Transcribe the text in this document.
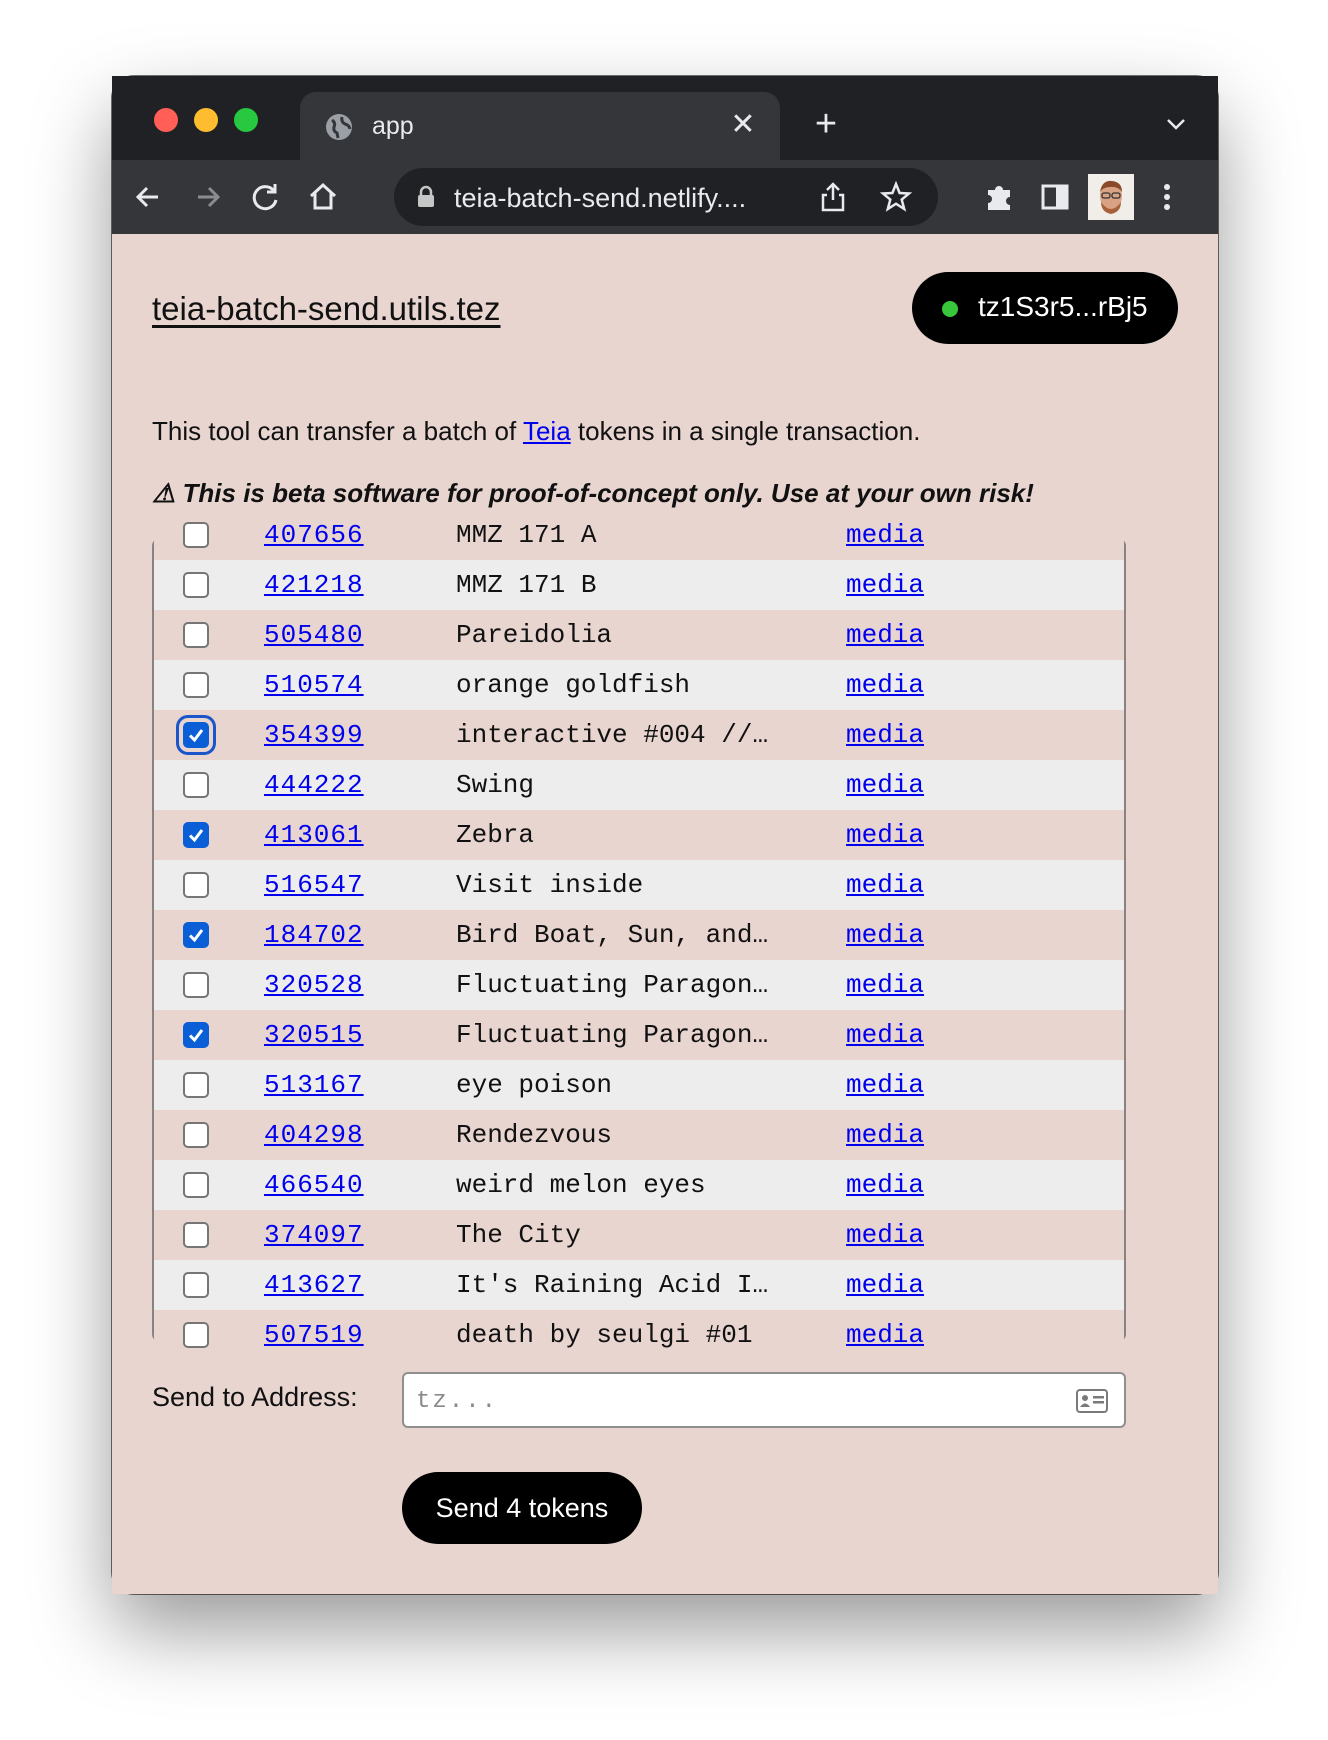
app	✕ +
teia-batch-send.netlify....
teia-batch-send.utils.tez	tz1S3r5...rBj5

This tool can transfer a batch of Teia tokens in a single transaction.

⚠ This is beta software for proof-of-concept only. Use at your own risk!

407656	MMZ 171 A	media
421218	MMZ 171 B	media
505480	Pareidolia	media
510574	orange goldfish	media
354399	interactive #004 //…	media
444222	Swing	media
413061	Zebra	media
516547	Visit inside	media
184702	Bird Boat, Sun, and…	media
320528	Fluctuating Paragon…	media
320515	Fluctuating Paragon…	media
513167	eye poison	media
404298	Rendezvous	media
466540	weird melon eyes	media
374097	The City	media
413627	It's Raining Acid I…	media
507519	death by seulgi #01	media
Send to Address: tz...
Send 4 tokens
